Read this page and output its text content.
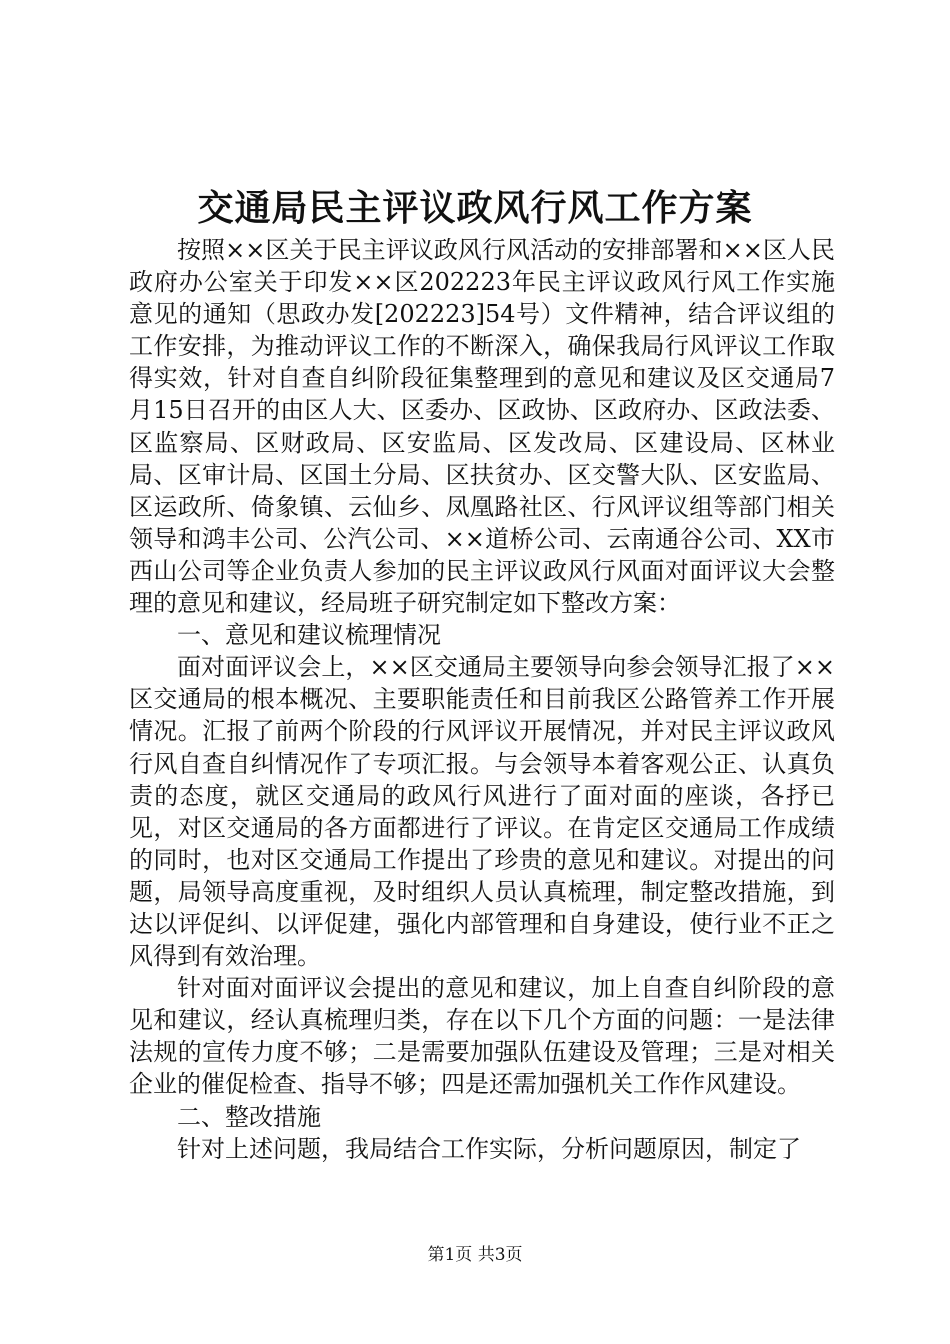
交通局民主评议政风行风工作方案

按照××区关于民主评议政风行风活动的安排部署和××区人民政府办公室关于印发××区202223年民主评议政风行风工作实施意见的通知（思政办发[202223]54号）文件精神，结合评议组的工作安排，为推动评议工作的不断深入，确保我局行风评议工作取得实效，针对自查自纠阶段征集整理到的意见和建议及区交通局7月15日召开的由区人大、区委办、区政协、区政府办、区政法委、区监察局、区财政局、区安监局、区发改局、区建设局、区林业局、区审计局、区国土分局、区扶贫办、区交警大队、区安监局、区运政所、倚象镇、云仙乡、凤凰路社区、行风评议组等部门相关领导和鸿丰公司、公汽公司、××道桥公司、云南通谷公司、XX市西山公司等企业负责人参加的民主评议政风行风面对面评议大会整理的意见和建议，经局班子研究制定如下整改方案：

一、意见和建议梳理情况

面对面评议会上，××区交通局主要领导向参会领导汇报了××区交通局的根本概况、主要职能责任和目前我区公路管养工作开展情况。汇报了前两个阶段的行风评议开展情况，并对民主评议政风行风自查自纠情况作了专项汇报。与会领导本着客观公正、认真负责的态度，就区交通局的政风行风进行了面对面的座谈，各抒已见，对区交通局的各方面都进行了评议。在肯定区交通局工作成绩的同时，也对区交通局工作提出了珍贵的意见和建议。对提出的问题，局领导高度重视，及时组织人员认真梳理，制定整改措施，到达以评促纠、以评促建，强化内部管理和自身建设，使行业不正之风得到有效治理。

针对面对面评议会提出的意见和建议，加上自查自纠阶段的意见和建议，经认真梳理归类，存在以下几个方面的问题：一是法律法规的宣传力度不够；二是需要加强队伍建设及管理；三是对相关企业的催促检查、指导不够；四是还需加强机关工作作风建设。

二、整改措施

针对上述问题，我局结合工作实际，分析问题原因，制定了

第1页 共3页
